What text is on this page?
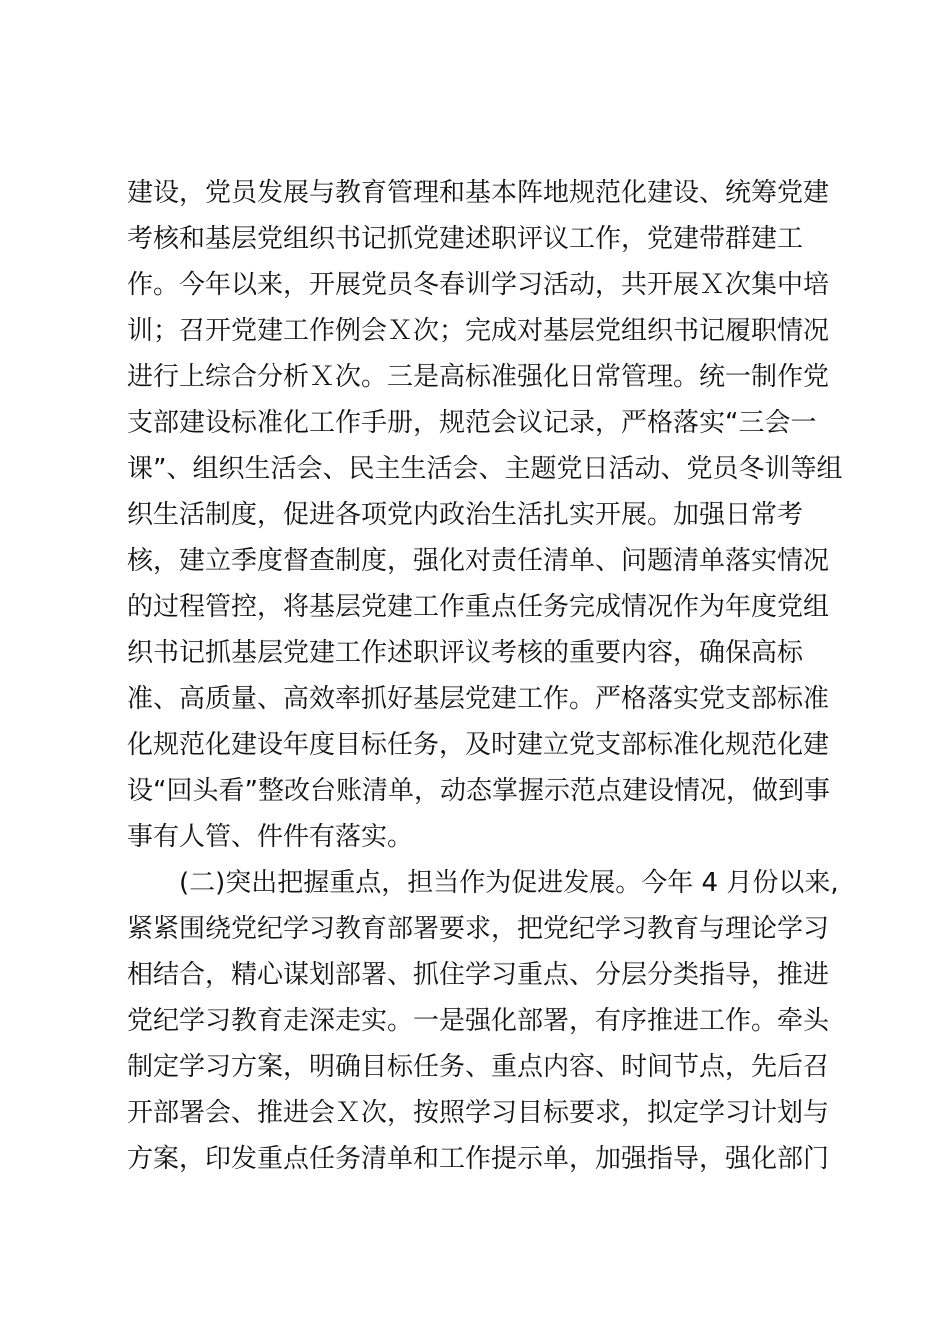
建设，党员发展与教育管理和基本阵地规范化建设、统筹党建
考核和基层党组织书记抓党建述职评议工作，党建带群建工
作。今年以来，开展党员冬春训学习活动，共开展Ｘ次集中培
训；召开党建工作例会Ｘ次；完成对基层党组织书记履职情况
进行上综合分析Ｘ次。三是高标准强化日常管理。统一制作党
支部建设标准化工作手册，规范会议记录，严格落实“三会一
课”、组织生活会、民主生活会、主题党日活动、党员冬训等组
织生活制度，促进各项党内政治生活扎实开展。加强日常考
核，建立季度督查制度，强化对责任清单、问题清单落实情况
的过程管控，将基层党建工作重点任务完成情况作为年度党组
织书记抓基层党建工作述职评议考核的重要内容，确保高标
准、高质量、高效率抓好基层党建工作。严格落实党支部标准
化规范化建设年度目标任务，及时建立党支部标准化规范化建
设“回头看”整改台账清单，动态掌握示范点建设情况，做到事
事有人管、件件有落实。
　　(二)突出把握重点，担当作为促进发展。今年 4 月份以来,
紧紧围绕党纪学习教育部署要求，把党纪学习教育与理论学习
相结合，精心谋划部署、抓住学习重点、分层分类指导，推进
党纪学习教育走深走实。一是强化部署，有序推进工作。牵头
制定学习方案，明确目标任务、重点内容、时间节点，先后召
开部署会、推进会Ｘ次，按照学习目标要求，拟定学习计划与
方案，印发重点任务清单和工作提示单，加强指导，强化部门
